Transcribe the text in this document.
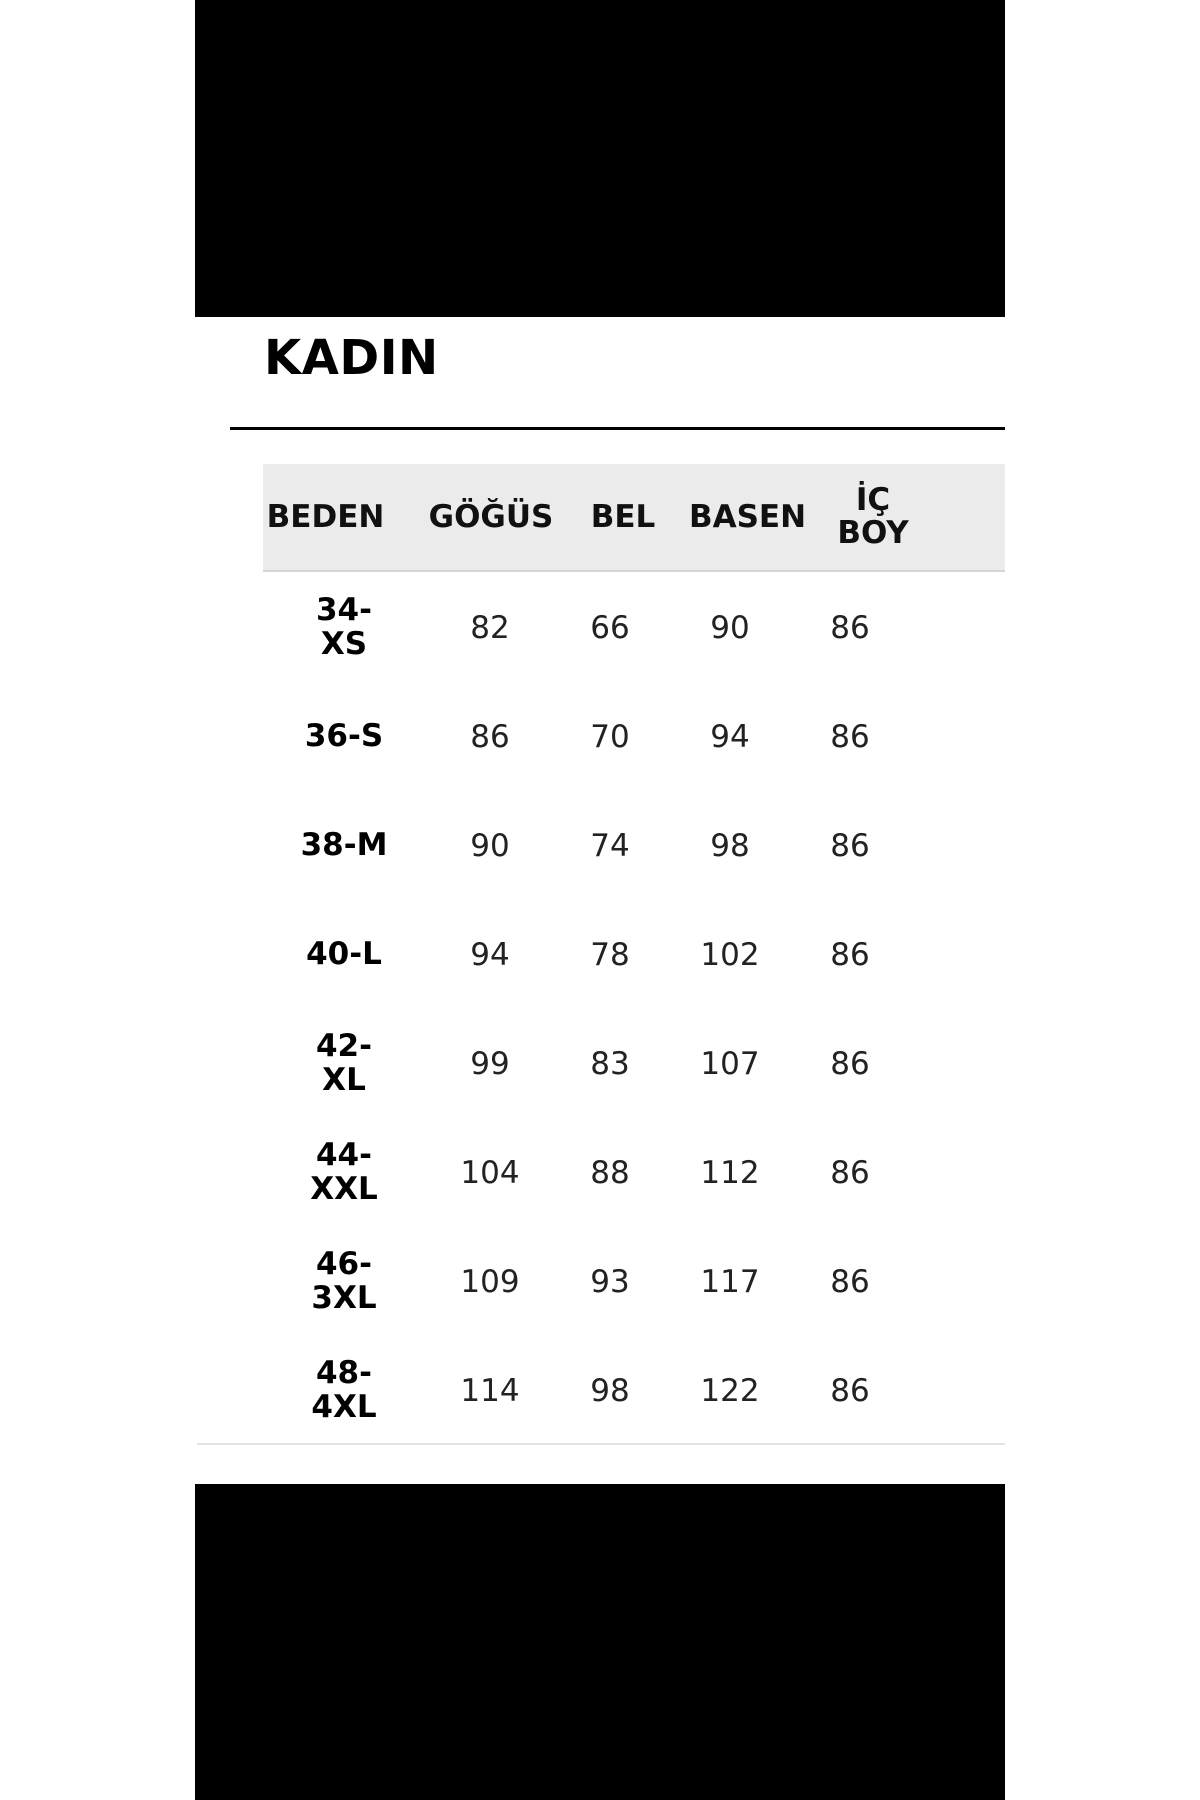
KADIN
BEDEN GÖĞÜS BEL BASEN	İÇ BOY
34-
XS	82	66	90	86
36-S	86	70	94	86
38-M	90	74	98	86
40-L	94	78	102	86
42-
XL	99	83	107	86
44-
XXL	104	88	112	86
46-
3XL	109	93	117	86
48-
4XL	114	98	122	86
